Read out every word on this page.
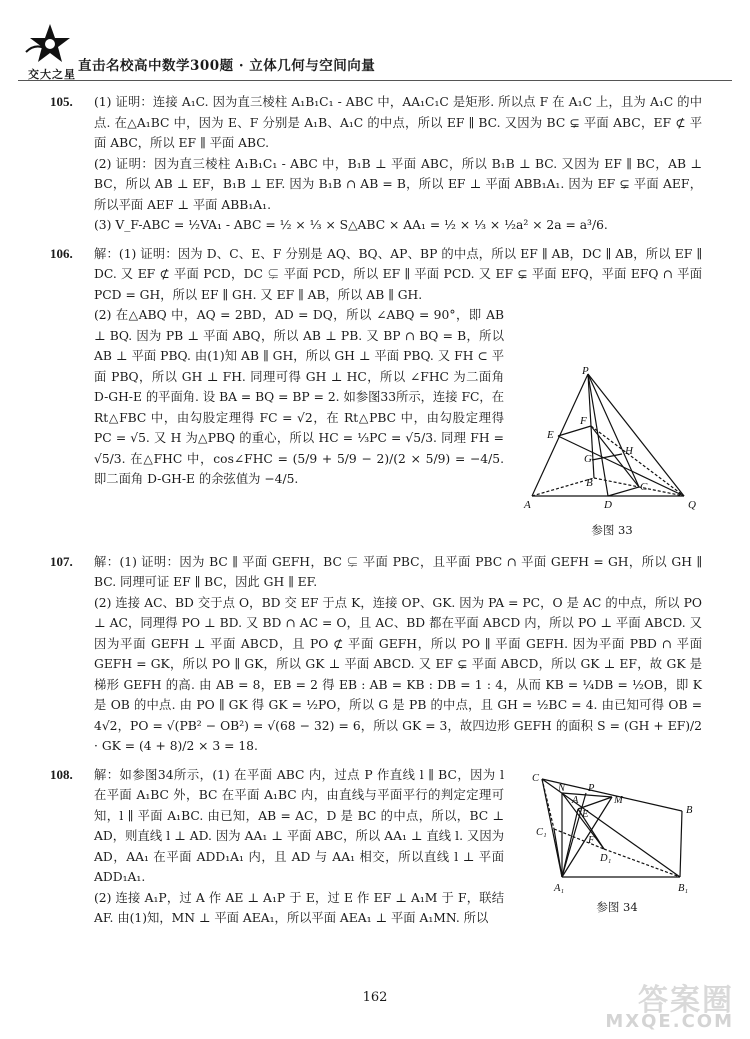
交大之星
直击名校高中数学300题 · 立体几何与空间向量
105. (1) 证明：连接 A₁C. 因为直三棱柱 A₁B₁C₁ - ABC 中，AA₁C₁C 是矩形. 所以点 F 在 A₁C 上，且为 A₁C 的中点. 在△A₁BC 中，因为 E、F 分别是 A₁B、A₁C 的中点，所以 EF ∥ BC. 又因为 BC ⊊ 平面 ABC，EF ⊄ 平面 ABC，所以 EF ∥ 平面 ABC.

(2) 证明：因为直三棱柱 A₁B₁C₁ - ABC 中，B₁B ⊥ 平面 ABC，所以 B₁B ⊥ BC. 又因为 EF ∥ BC，AB ⊥ BC，所以 AB ⊥ EF，B₁B ⊥ EF. 因为 B₁B ∩ AB = B，所以 EF ⊥ 平面 ABB₁A₁. 因为 EF ⊊ 平面 AEF，所以平面 AEF ⊥ 平面 ABB₁A₁.

(3) V_F-ABC = ½VA₁ - ABC = ½ × ⅓ × S△ABC × AA₁ = ½ × ⅓ × ½a² × 2a = a³/6.

106. 解：(1) 证明：因为 D、C、E、F 分别是 AQ、BQ、AP、BP 的中点，所以 EF ∥ AB，DC ∥ AB，所以 EF ∥ DC. 又 EF ⊄ 平面 PCD，DC ⊊ 平面 PCD，所以 EF ∥ 平面 PCD. 又 EF ⊊ 平面 EFQ，平面 EFQ ∩ 平面 PCD = GH，所以 EF ∥ GH. 又 EF ∥ AB，所以 AB ∥ GH.

P
F
E
H
G
B
A	D
C
Q
参图 33

(2) 在△ABQ 中，AQ = 2BD，AD = DQ，所以 ∠ABQ = 90°，即 AB ⊥ BQ. 因为 PB ⊥ 平面 ABQ，所以 AB ⊥ PB. 又 BP ∩ BQ = B，所以 AB ⊥ 平面 PBQ. 由(1)知 AB ∥ GH，所以 GH ⊥ 平面 PBQ. 又 FH ⊂ 平面 PBQ，所以 GH ⊥ FH. 同理可得 GH ⊥ HC，所以 ∠FHC 为二面角 D-GH-E 的平面角. 设 BA = BQ = BP = 2. 如参图33所示，连接 FC，在 Rt△FBC 中，由勾股定理得 FC = √2，在 Rt△PBC 中，由勾股定理得 PC = √5. 又 H 为△PBQ 的重心，所以 HC = ⅓PC = √5/3. 同理 FH = √5/3. 在△FHC 中，cos∠FHC = (5/9 + 5/9 − 2)/(2 × 5/9) = −4/5. 即二面角 D-GH-E 的余弦值为 −4/5.

107. 解：(1) 证明：因为 BC ∥ 平面 GEFH，BC ⊊ 平面 PBC，且平面 PBC ∩ 平面 GEFH = GH，所以 GH ∥ BC. 同理可证 EF ∥ BC，因此 GH ∥ EF.

(2) 连接 AC、BD 交于点 O，BD 交 EF 于点 K，连接 OP、GK. 因为 PA = PC，O 是 AC 的中点，所以 PO ⊥ AC，同理得 PO ⊥ BD. 又 BD ∩ AC = O，且 AC、BD 都在平面 ABCD 内，所以 PO ⊥ 平面 ABCD. 又因为平面 GEFH ⊥ 平面 ABCD，且 PO ⊄ 平面 GEFH，所以 PO ∥ 平面 GEFH. 因为平面 PBD ∩ 平面 GEFH = GK，所以 PO ∥ GK，所以 GK ⊥ 平面 ABCD. 又 EF ⊊ 平面 ABCD，所以 GK ⊥ EF，故 GK 是梯形 GEFH 的高. 由 AB = 8，EB = 2 得 EB : AB = KB : DB = 1 : 4，从而 KB = ¼DB = ½OB，即 K 是 OB 的中点. 由 PO ∥ GK 得 GK = ½PO，所以 G 是 PB 的中点，且 GH = ½BC = 4. 由已知可得 OB = 4√2，PO = √(PB² − OB²) = √(68 − 32) = 6，所以 GK = 3，故四边形 GEFH 的面积 S = (GH + EF)/2 · GK = (4 + 8)/2 × 3 = 18.

108.	C
N P
A	M
E	B
C₁
F
D₁
A₁	B₁
参图 34

解：如参图34所示，(1) 在平面 ABC 内，过点 P 作直线 l ∥ BC，因为 l 在平面 A₁BC 外，BC 在平面 A₁BC 内，由直线与平面平行的判定定理可知，l ∥ 平面 A₁BC. 由已知，AB = AC，D 是 BC 的中点，所以，BC ⊥ AD，则直线 l ⊥ AD. 因为 AA₁ ⊥ 平面 ABC，所以 AA₁ ⊥ 直线 l. 又因为 AD，AA₁ 在平面 ADD₁A₁ 内，且 AD 与 AA₁ 相交，所以直线 l ⊥ 平面 ADD₁A₁.

(2) 连接 A₁P，过 A 作 AE ⊥ A₁P 于 E，过 E 作 EF ⊥ A₁M 于 F，联结 AF. 由(1)知，MN ⊥ 平面 AEA₁，所以平面 AEA₁ ⊥ 平面 A₁MN. 所以

162	答案圈
MXQE.COM
